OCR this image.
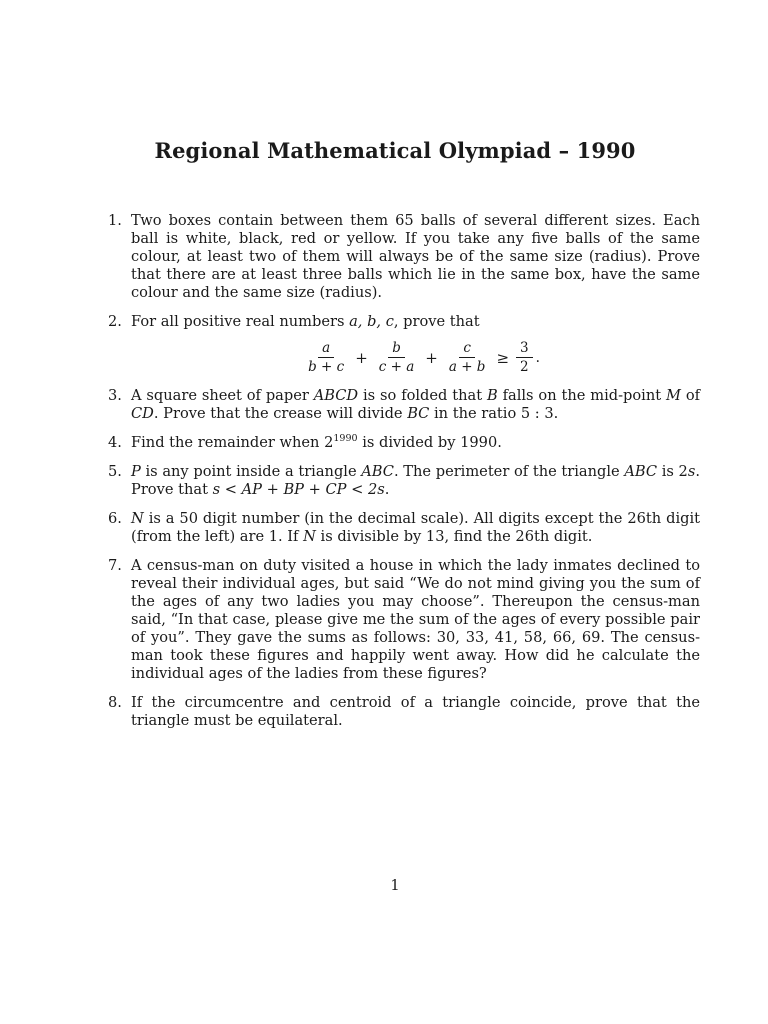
Regional Mathematical Olympiad – 1990
1. Two boxes contain between them 65 balls of several different sizes. Each ball is white, black, red or yellow. If you take any five balls of the same colour, at least two of them will always be of the same size (radius). Prove that there are at least three balls which lie in the same box, have the same colour and the same size (radius).
2. For all positive real numbers a, b, c, prove that
$\frac{a}{b + c} + \frac{b}{c + a} + \frac{c}{a + b} \ge \frac{3}{2}$ .
3. A square sheet of paper ABCD is so folded that B falls on the mid-point M of CD. Prove that the crease will divide BC in the ratio 5 : 3.
4. Find the remainder when $2^{1990}$ is divided by 1990.
5. P is any point inside a triangle ABC. The perimeter of the triangle ABC is 2s. Prove that s < AP + BP + CP < 2s.
6. N is a 50 digit number (in the decimal scale). All digits except the 26th digit (from the left) are 1. If N is divisible by 13, find the 26th digit.
7. A census-man on duty visited a house in which the lady inmates declined to reveal their individual ages, but said “We do not mind giving you the sum of the ages of any two ladies you may choose”. Thereupon the census-man said, “In that case, please give me the sum of the ages of every possible pair of you”. They gave the sums as follows: 30, 33, 41, 58, 66, 69. The census-man took these figures and happily went away. How did he calculate the individual ages of the ladies from these figures?
8. If the circumcentre and centroid of a triangle coincide, prove that the triangle must be equilateral.
1
